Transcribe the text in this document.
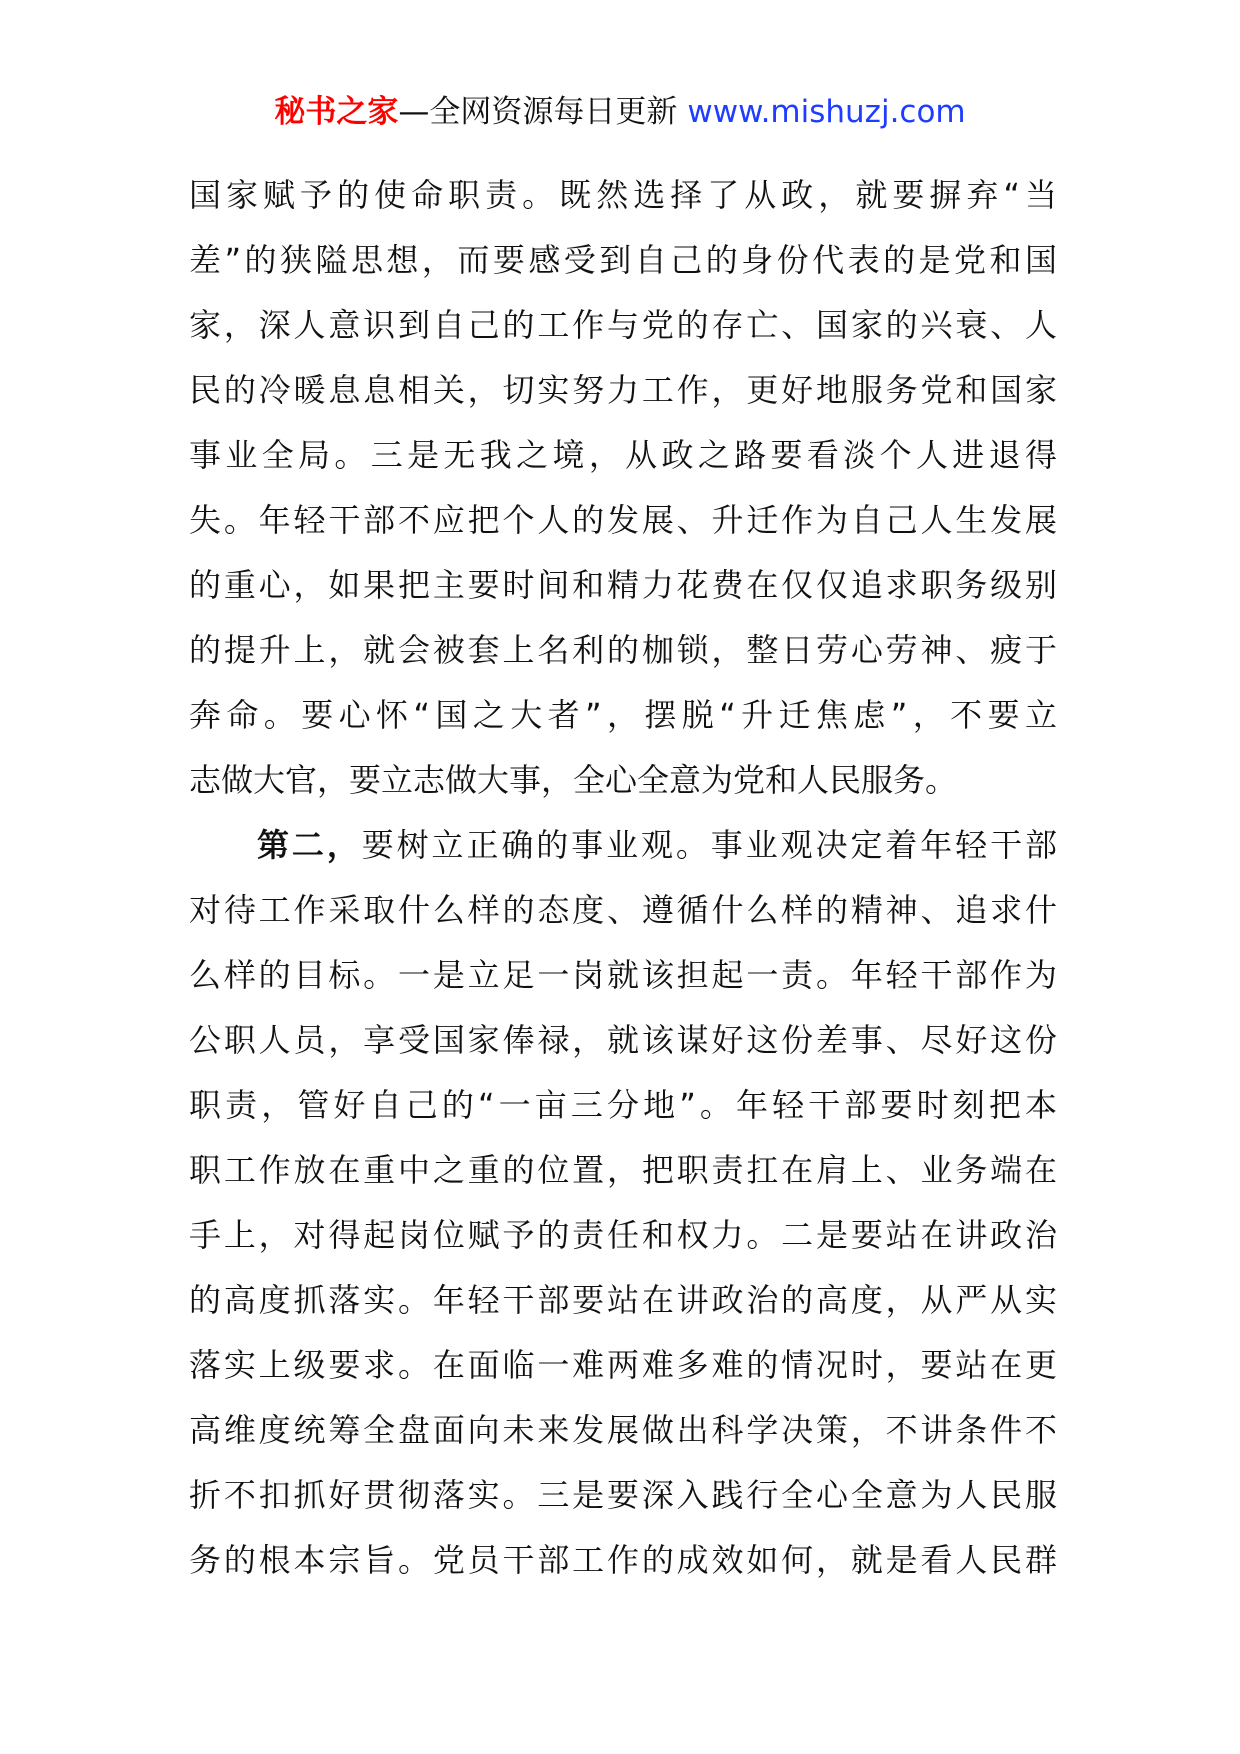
秘书之家—全网资源每日更新 www.mishuzj.com
国家赋予的使命职责。既然选择了从政，就要摒弃“当
差”的狭隘思想，而要感受到自己的身份代表的是党和国
家，深人意识到自己的工作与党的存亡、国家的兴衰、人
民的冷暖息息相关，切实努力工作，更好地服务党和国家
事业全局。三是无我之境，从政之路要看淡个人进退得
失。年轻干部不应把个人的发展、升迁作为自己人生发展
的重心，如果把主要时间和精力花费在仅仅追求职务级别
的提升上，就会被套上名利的枷锁，整日劳心劳神、疲于
奔命。要心怀“国之大者”，摆脱“升迁焦虑”，不要立
志做大官，要立志做大事，全心全意为党和人民服务。
第二，要树立正确的事业观。事业观决定着年轻干部
对待工作采取什么样的态度、遵循什么样的精神、追求什
么样的目标。一是立足一岗就该担起一责。年轻干部作为
公职人员，享受国家俸禄，就该谋好这份差事、尽好这份
职责，管好自己的“一亩三分地”。年轻干部要时刻把本
职工作放在重中之重的位置，把职责扛在肩上、业务端在
手上，对得起岗位赋予的责任和权力。二是要站在讲政治
的高度抓落实。年轻干部要站在讲政治的高度，从严从实
落实上级要求。在面临一难两难多难的情况时，要站在更
高维度统筹全盘面向未来发展做出科学决策，不讲条件不
折不扣抓好贯彻落实。三是要深入践行全心全意为人民服
务的根本宗旨。党员干部工作的成效如何，就是看人民群
